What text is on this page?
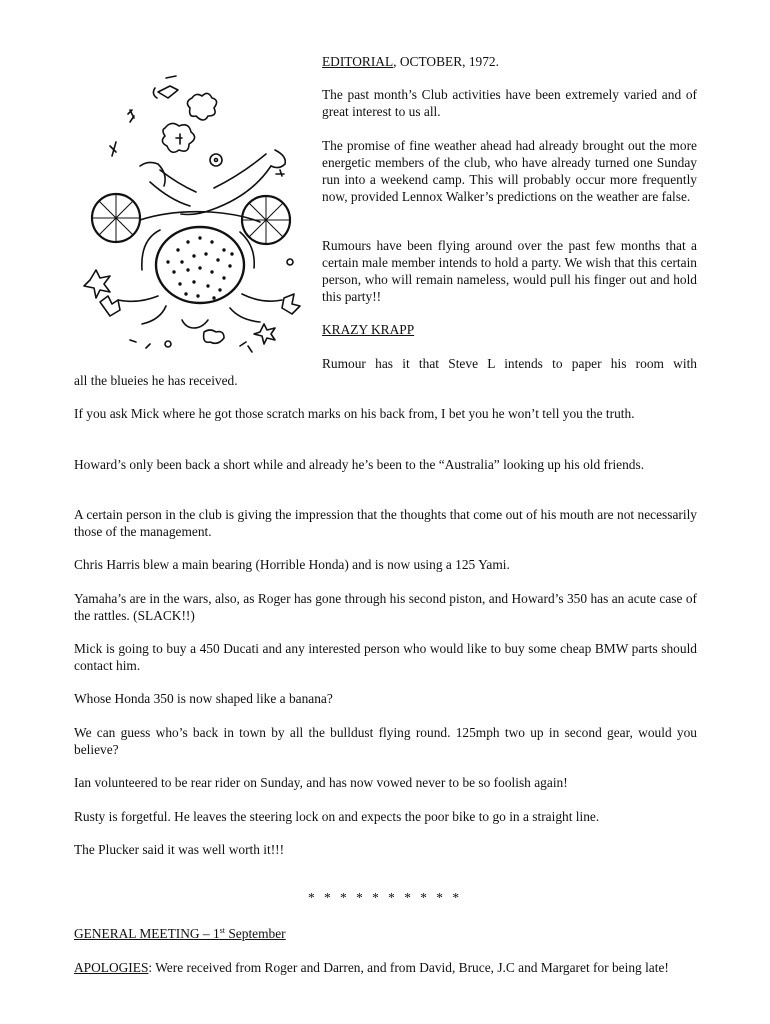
EDITORIAL, OCTOBER, 1972.

The past month’s Club activities have been extremely varied and of great interest to us all.

The promise of fine weather ahead had already brought out the more energetic members of the club, who have already turned one Sunday run into a weekend camp. This will probably occur more frequently now, provided Lennox Walker’s predictions on the weather are false.

Rumours have been flying around over the past few months that a certain male member intends to hold a party. We wish that this certain person, who will remain nameless, would pull his finger out and hold this party!!

KRAZY KRAPP

Rumour has it that Steve L intends to paper his room with

all the blueies he has received.

If you ask Mick where he got those scratch marks on his back from, I bet you he won’t tell you the truth.

Howard’s only been back a short while and already he’s been to the “Australia” looking up his old friends.

A certain person in the club is giving the impression that the thoughts that come out of his mouth are not necessarily those of the management.

Chris Harris blew a main bearing (Horrible Honda) and is now using a 125 Yami.

Yamaha’s are in the wars, also, as Roger has gone through his second piston, and Howard’s 350 has an acute case of the rattles. (SLACK!!)

Mick is going to buy a 450 Ducati and any interested person who would like to buy some cheap BMW parts should contact him.

Whose Honda 350 is now shaped like a banana?

We can guess who’s back in town by all the bulldust flying round. 125mph two up in second gear, would you believe?

Ian volunteered to be rear rider on Sunday, and has now vowed never to be so foolish again!

Rusty is forgetful. He leaves the steering lock on and expects the poor bike to go in a straight line.

The Plucker said it was well worth it!!!

* * * * * * * * * *

GENERAL MEETING – 1st September

APOLOGIES: Were received from Roger and Darren, and from David, Bruce, J.C and Margaret for being late!
